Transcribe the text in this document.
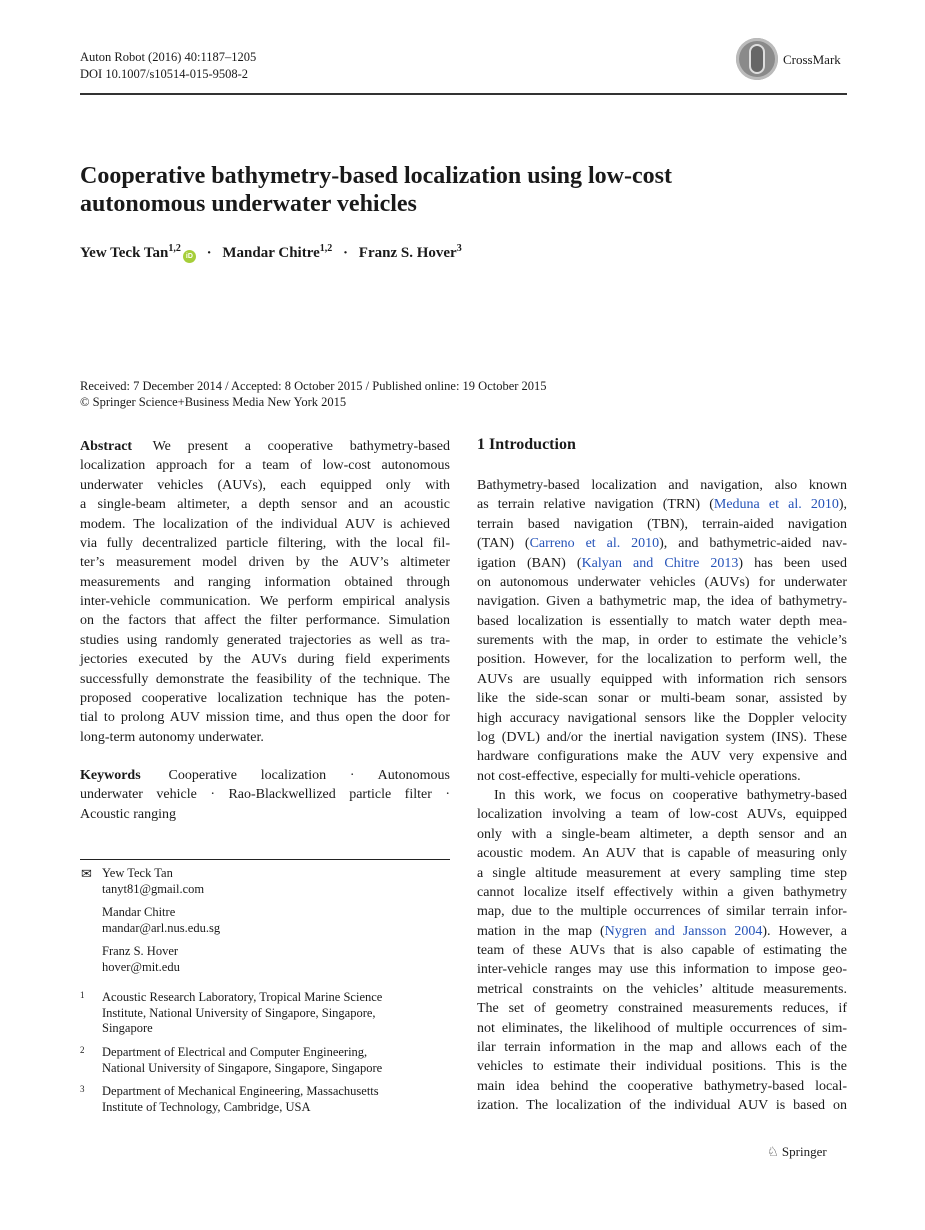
Auton Robot (2016) 40:1187–1205
DOI 10.1007/s10514-015-9508-2
CrossMark
Cooperative bathymetry-based localization using low-cost
autonomous underwater vehicles
Yew Teck Tan$^{1,2}$iD · Mandar Chitre$^{1,2}$ · Franz S. Hover$^3$
Received: 7 December 2014 / Accepted: 8 October 2015 / Published online: 19 October 2015
© Springer Science+Business Media New York 2015
Abstract We present a cooperative bathymetry-based
localization approach for a team of low-cost autonomous
underwater vehicles (AUVs), each equipped only with
a single-beam altimeter, a depth sensor and an acoustic
modem. The localization of the individual AUV is achieved
via fully decentralized particle filtering, with the local fil-
ter’s measurement model driven by the AUV’s altimeter
measurements and ranging information obtained through
inter-vehicle communication. We perform empirical analysis
on the factors that affect the filter performance. Simulation
studies using randomly generated trajectories as well as tra-
jectories executed by the AUVs during field experiments
successfully demonstrate the feasibility of the technique. The
proposed cooperative localization technique has the poten-
tial to prolong AUV mission time, and thus open the door for
long-term autonomy underwater.
Keywords Cooperative localization · Autonomous
underwater vehicle · Rao-Blackwellized particle filter ·
Acoustic ranging
1 Introduction
Bathymetry-based localization and navigation, also known
as terrain relative navigation (TRN) (Meduna et al. 2010),
terrain based navigation (TBN), terrain-aided navigation
(TAN) (Carreno et al. 2010), and bathymetric-aided nav-
igation (BAN) (Kalyan and Chitre 2013) has been used
on autonomous underwater vehicles (AUVs) for underwater
navigation. Given a bathymetric map, the idea of bathymetry-
based localization is essentially to match water depth mea-
surements with the map, in order to estimate the vehicle’s
position. However, for the localization to perform well, the
AUVs are usually equipped with information rich sensors
like the side-scan sonar or multi-beam sonar, assisted by
high accuracy navigational sensors like the Doppler velocity
log (DVL) and/or the inertial navigation system (INS). These
hardware configurations make the AUV very expensive and
not cost-effective, especially for multi-vehicle operations.
In this work, we focus on cooperative bathymetry-based
localization involving a team of low-cost AUVs, equipped
only with a single-beam altimeter, a depth sensor and an
acoustic modem. An AUV that is capable of measuring only
a single altitude measurement at every sampling time step
cannot localize itself effectively within a given bathymetry
map, due to the multiple occurrences of similar terrain infor-
mation in the map (Nygren and Jansson 2004). However, a
team of these AUVs that is also capable of estimating the
inter-vehicle ranges may use this information to impose geo-
metrical constraints on the vehicles’ altitude measurements.
The set of geometry constrained measurements reduces, if
not eliminates, the likelihood of multiple occurrences of sim-
ilar terrain information in the map and allows each of the
vehicles to estimate their individual positions. This is the
main idea behind the cooperative bathymetry-based local-
ization. The localization of the individual AUV is based on
✉ Yew Teck Tan
tanyt81@gmail.com
Mandar Chitre
mandar@arl.nus.edu.sg
Franz S. Hover
hover@mit.edu
1 Acoustic Research Laboratory, Tropical Marine Science
Institute, National University of Singapore, Singapore,
Singapore
2 Department of Electrical and Computer Engineering,
National University of Singapore, Singapore, Singapore
3 Department of Mechanical Engineering, Massachusetts
Institute of Technology, Cambridge, USA
♘ Springer
